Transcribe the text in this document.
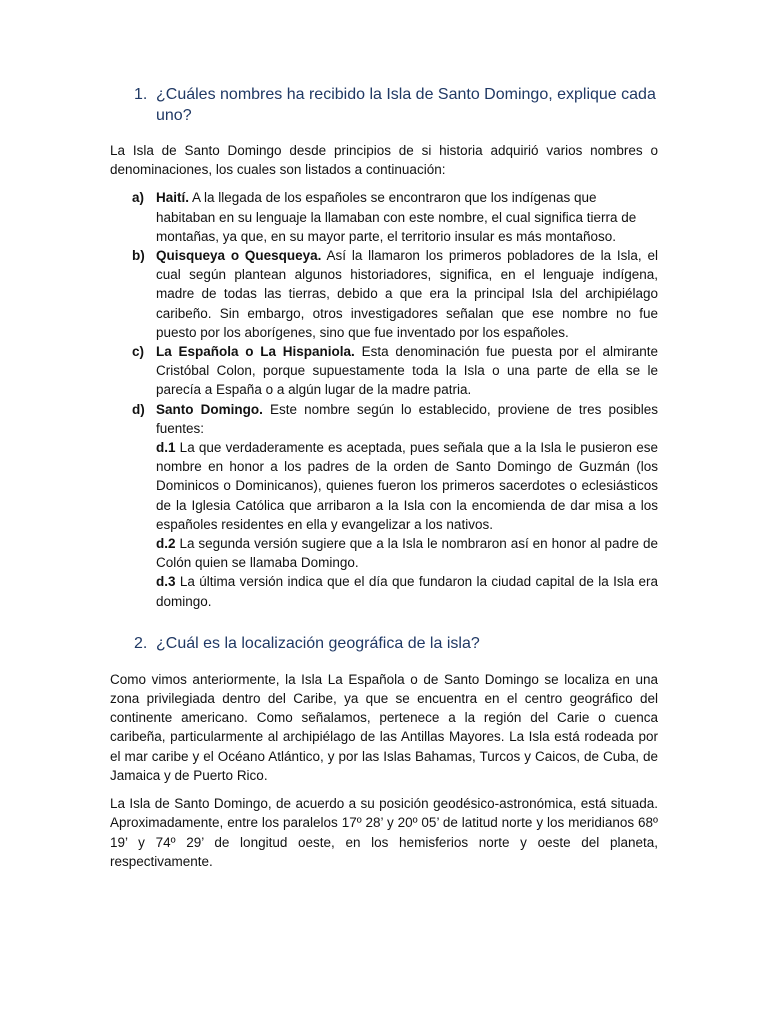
1. ¿Cuáles nombres ha recibido la Isla de Santo Domingo, explique cada uno?

La Isla de Santo Domingo desde principios de si historia adquirió varios nombres o denominaciones, los cuales son listados a continuación:

a) Haití. A la llegada de los españoles se encontraron que los indígenas que habitaban en su lenguaje la llamaban con este nombre, el cual significa tierra de montañas, ya que, en su mayor parte, el territorio insular es más montañoso.
b) Quisqueya o Quesqueya. Así la llamaron los primeros pobladores de la Isla, el cual según plantean algunos historiadores, significa, en el lenguaje indígena, madre de todas las tierras, debido a que era la principal Isla del archipiélago caribeño. Sin embargo, otros investigadores señalan que ese nombre no fue puesto por los aborígenes, sino que fue inventado por los españoles.
c) La Española o La Hispaniola. Esta denominación fue puesta por el almirante Cristóbal Colon, porque supuestamente toda la Isla o una parte de ella se le parecía a España o a algún lugar de la madre patria.
d) Santo Domingo. Este nombre según lo establecido, proviene de tres posibles fuentes:
d.1 La que verdaderamente es aceptada, pues señala que a la Isla le pusieron ese nombre en honor a los padres de la orden de Santo Domingo de Guzmán (los Dominicos o Dominicanos), quienes fueron los primeros sacerdotes o eclesiásticos de la Iglesia Católica que arribaron a la Isla con la encomienda de dar misa a los españoles residentes en ella y evangelizar a los nativos.
d.2 La segunda versión sugiere que a la Isla le nombraron así en honor al padre de Colón quien se llamaba Domingo.
d.3 La última versión indica que el día que fundaron la ciudad capital de la Isla era domingo.
2. ¿Cuál es la localización geográfica de la isla?

Como vimos anteriormente, la Isla La Española o de Santo Domingo se localiza en una zona privilegiada dentro del Caribe, ya que se encuentra en el centro geográfico del continente americano. Como señalamos, pertenece a la región del Carie o cuenca caribeña, particularmente al archipiélago de las Antillas Mayores. La Isla está rodeada por el mar caribe y el Océano Atlántico, y por las Islas Bahamas, Turcos y Caicos, de Cuba, de Jamaica y de Puerto Rico.

La Isla de Santo Domingo, de acuerdo a su posición geodésico-astronómica, está situada. Aproximadamente, entre los paralelos 17º 28’ y 20º 05’ de latitud norte y los meridianos 68º 19’ y 74º 29’ de longitud oeste, en los hemisferios norte y oeste del planeta, respectivamente.
